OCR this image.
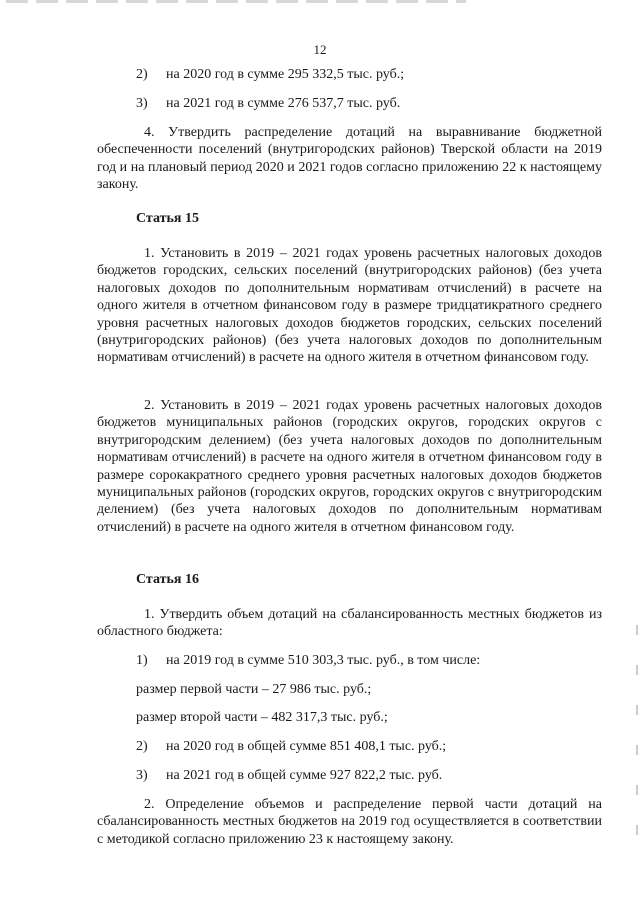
12

2) на 2020 год в сумме 295 332,5 тыс. руб.;

3) на 2021 год в сумме 276 537,7 тыс. руб.

4. Утвердить распределение дотаций на выравнивание бюджетной обеспеченности поселений (внутригородских районов) Тверской области на 2019 год и на плановый период 2020 и 2021 годов согласно приложению 22 к настоящему закону.

Статья 15

1. Установить в 2019 – 2021 годах уровень расчетных налоговых доходов бюджетов городских, сельских поселений (внутригородских районов) (без учета налоговых доходов по дополнительным нормативам отчислений) в расчете на одного жителя в отчетном финансовом году в размере тридцатикратного среднего уровня расчетных налоговых доходов бюджетов городских, сельских поселений (внутригородских районов) (без учета налоговых доходов по дополнительным нормативам отчислений) в расчете на одного жителя в отчетном финансовом году.

2. Установить в 2019 – 2021 годах уровень расчетных налоговых доходов бюджетов муниципальных районов (городских округов, городских округов с внутригородским делением) (без учета налоговых доходов по дополнительным нормативам отчислений) в расчете на одного жителя в отчетном финансовом году в размере сорокакратного среднего уровня расчетных налоговых доходов бюджетов муниципальных районов (городских округов, городских округов с внутригородским делением) (без учета налоговых доходов по дополнительным нормативам отчислений) в расчете на одного жителя в отчетном финансовом году.

Статья 16

1. Утвердить объем дотаций на сбалансированность местных бюджетов из областного бюджета:

1) на 2019 год в сумме 510 303,3 тыс. руб., в том числе:

размер первой части – 27 986 тыс. руб.;

размер второй части – 482 317,3 тыс. руб.;

2) на 2020 год в общей сумме 851 408,1 тыс. руб.;

3) на 2021 год в общей сумме 927 822,2 тыс. руб.

2. Определение объемов и распределение первой части дотаций на сбалансированность местных бюджетов на 2019 год осуществляется в соответствии с методикой согласно приложению 23 к настоящему закону.
